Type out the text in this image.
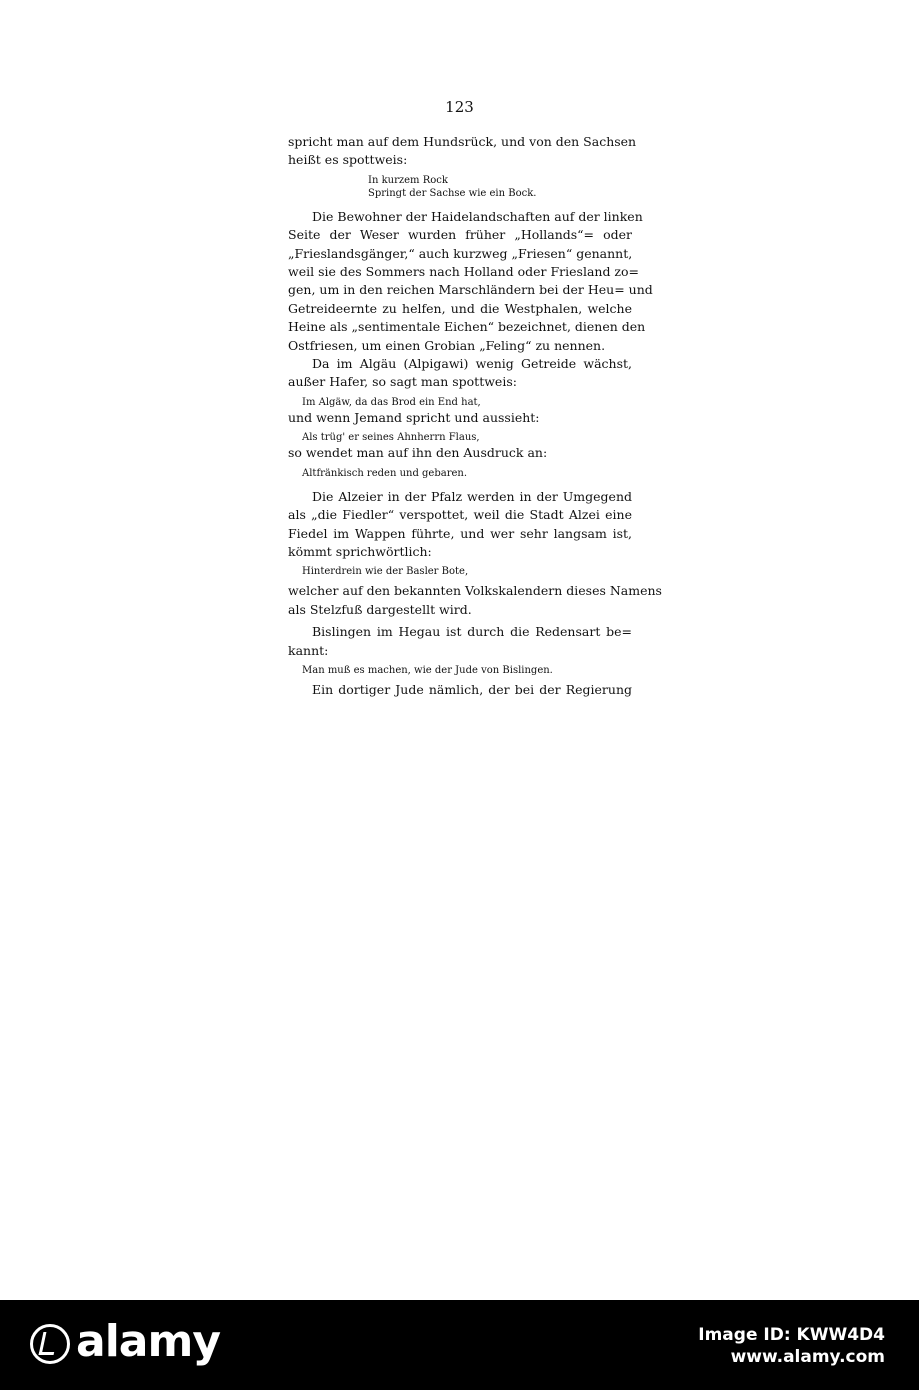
123
spricht man auf dem Hundsrück, und von den Sachsen
heißt es spottweis:
In kurzem Rock
Springt der Sachse wie ein Bock.
Die Bewohner der Haidelandschaften auf der linken
Seite der Weser wurden früher „Hollands“= oder
„Frieslandsgänger,“ auch kurzweg „Friesen“ genannt,
weil sie des Sommers nach Holland oder Friesland zo=
gen, um in den reichen Marschländern bei der Heu= und
Getreideernte zu helfen, und die Westphalen, welche
Heine als „sentimentale Eichen“ bezeichnet, dienen den
Ostfriesen, um einen Grobian „Feling“ zu nennen.
Da im Algäu (Alpigawi) wenig Getreide wächst,
außer Hafer, so sagt man spottweis:
Im Algäw, da das Brod ein End hat,
und wenn Jemand spricht und aussieht:
Als trüg' er seines Ahnherrn Flaus,
so wendet man auf ihn den Ausdruck an:
Altfränkisch reden und gebaren.
Die Alzeier in der Pfalz werden in der Umgegend
als „die Fiedler“ verspottet, weil die Stadt Alzei eine
Fiedel im Wappen führte, und wer sehr langsam ist,
kömmt sprichwörtlich:
Hinterdrein wie der Basler Bote,
welcher auf den bekannten Volkskalendern dieses Namens
als Stelzfuß dargestellt wird.
Bislingen im Hegau ist durch die Redensart be=
kannt:
Man muß es machen, wie der Jude von Bislingen.
Ein dortiger Jude nämlich, der bei der Regierung
alamy	Image ID: KWW4D4
www.alamy.com
